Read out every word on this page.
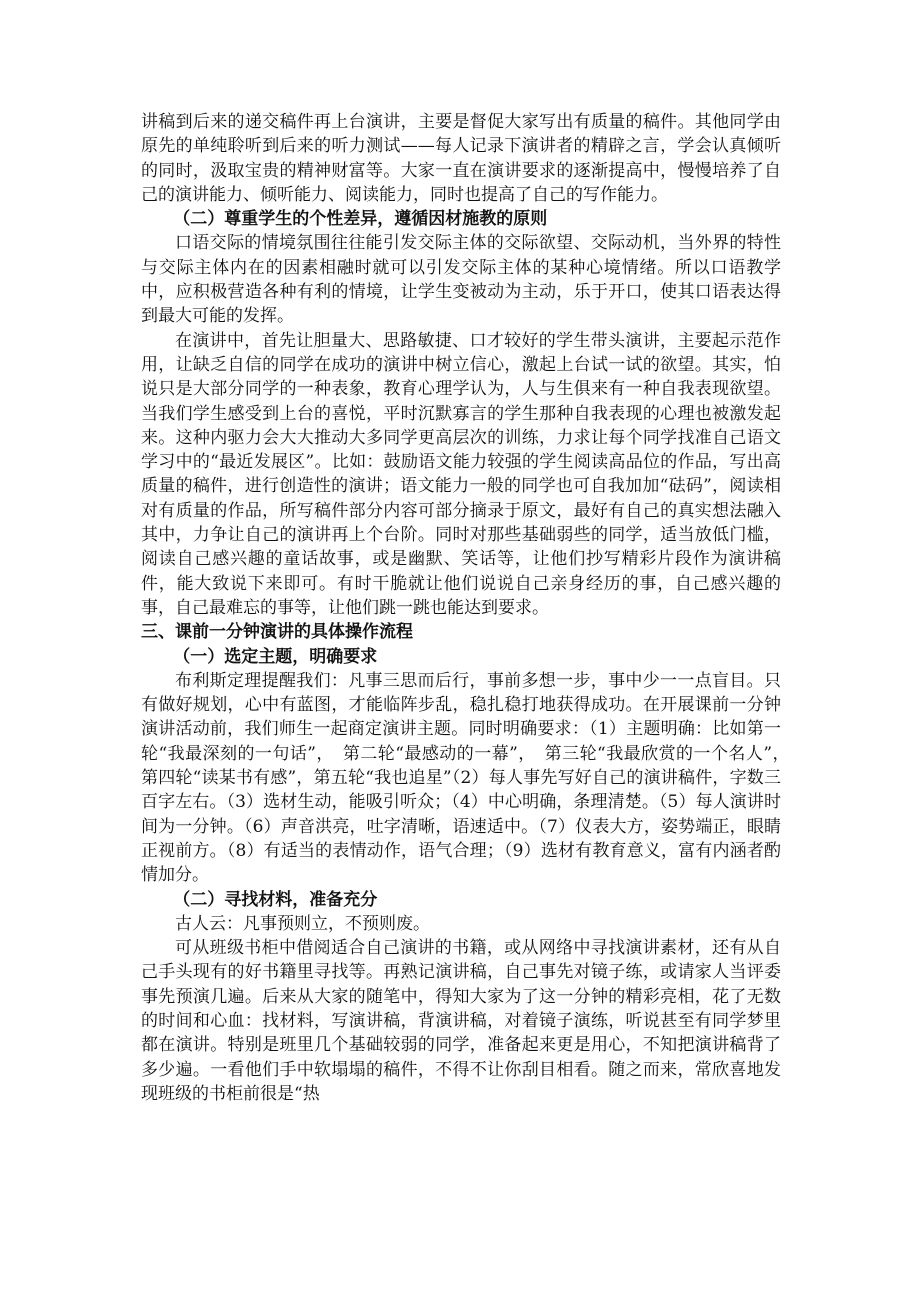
讲稿到后来的递交稿件再上台演讲，主要是督促大家写出有质量的稿件。其他同学由原先的单纯聆听到后来的听力测试——每人记录下演讲者的精辟之言，学会认真倾听的同时，汲取宝贵的精神财富等。大家一直在演讲要求的逐渐提高中，慢慢培养了自己的演讲能力、倾听能力、阅读能力，同时也提高了自己的写作能力。

（二）尊重学生的个性差异，遵循因材施教的原则

口语交际的情境氛围往往能引发交际主体的交际欲望、交际动机，当外界的特性与交际主体内在的因素相融时就可以引发交际主体的某种心境情绪。所以口语教学中，应积极营造各种有利的情境，让学生变被动为主动，乐于开口，使其口语表达得到最大可能的发挥。

在演讲中，首先让胆量大、思路敏捷、口才较好的学生带头演讲，主要起示范作用，让缺乏自信的同学在成功的演讲中树立信心，激起上台试一试的欲望。其实，怕说只是大部分同学的一种表象，教育心理学认为，人与生俱来有一种自我表现欲望。当我们学生感受到上台的喜悦，平时沉默寡言的学生那种自我表现的心理也被激发起来。这种内驱力会大大推动大多同学更高层次的训练，力求让每个同学找准自己语文学习中的“最近发展区”。比如：鼓励语文能力较强的学生阅读高品位的作品，写出高质量的稿件，进行创造性的演讲；语文能力一般的同学也可自我加加“砝码”，阅读相对有质量的作品，所写稿件部分内容可部分摘录于原文，最好有自己的真实想法融入其中，力争让自己的演讲再上个台阶。同时对那些基础弱些的同学，适当放低门槛，阅读自己感兴趣的童话故事，或是幽默、笑话等，让他们抄写精彩片段作为演讲稿件，能大致说下来即可。有时干脆就让他们说说自己亲身经历的事，自己感兴趣的事，自己最难忘的事等，让他们跳一跳也能达到要求。

三、课前一分钟演讲的具体操作流程

（一）选定主题，明确要求

布利斯定理提醒我们：凡事三思而后行，事前多想一步，事中少一一点盲目。只有做好规划，心中有蓝图，才能临阵步乱，稳扎稳打地获得成功。在开展课前一分钟演讲活动前，我们师生一起商定演讲主题。同时明确要求：（1）主题明确：比如第一轮“我最深刻的一句话”，　第二轮“最感动的一幕”，　第三轮“我最欣赏的一个名人”，　第四轮“读某书有感”，第五轮“我也追星”（2）每人事先写好自己的演讲稿件，字数三百字左右。（3）选材生动，能吸引听众；（4）中心明确，条理清楚。（5）每人演讲时间为一分钟。（6）声音洪亮，吐字清晰，语速适中。（7）仪表大方，姿势端正，眼睛正视前方。（8）有适当的表情动作，语气合理；（9）选材有教育意义，富有内涵者酌情加分。

（二）寻找材料，准备充分

古人云：凡事预则立，不预则废。

可从班级书柜中借阅适合自己演讲的书籍，或从网络中寻找演讲素材，还有从自己手头现有的好书籍里寻找等。再熟记演讲稿，自己事先对镜子练，或请家人当评委事先预演几遍。后来从大家的随笔中，得知大家为了这一分钟的精彩亮相，花了无数的时间和心血：找材料，写演讲稿，背演讲稿，对着镜子演练，听说甚至有同学梦里都在演讲。特别是班里几个基础较弱的同学，准备起来更是用心，不知把演讲稿背了多少遍。一看他们手中软塌塌的稿件，不得不让你刮目相看。随之而来，常欣喜地发现班级的书柜前很是“热
